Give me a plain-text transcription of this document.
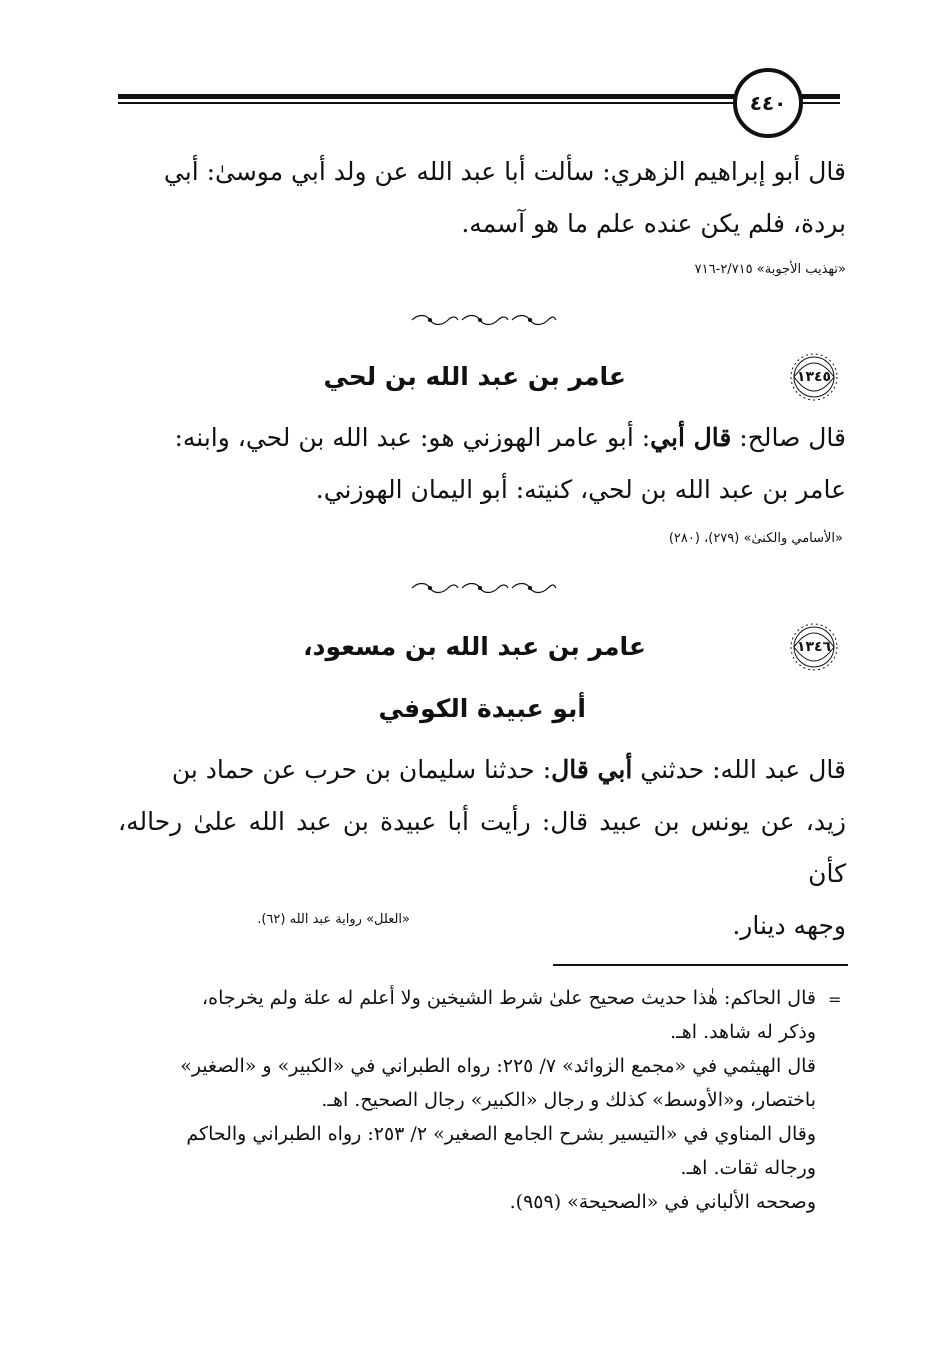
٤٤٠
قال أبو إبراهيم الزهري: سألت أبا عبد الله عن ولد أبي موسىٰ: أبي
بردة، فلم يكن عنده علم ما هو آسمه.
«تهذيب الأجوبة» ٢/٧١٥-٧١٦
١٣٤٥
عامر بن عبد الله بن لحي
قال صالح: قال أبي: أبو عامر الهوزني هو: عبد الله بن لحي، وابنه:
عامر بن عبد الله بن لحي، كنيته: أبو اليمان الهوزني.
«الأسامي والكنىٰ» (٢٧٩)، (٢٨٠)
١٣٤٦
عامر بن عبد الله بن مسعود،
أبو عبيدة الكوفي
قال عبد الله: حدثني أبي قال: حدثنا سليمان بن حرب عن حماد بن
زيد، عن يونس بن عبيد قال: رأيت أبا عبيدة بن عبد الله علىٰ رحاله، كأن
وجهه دينار.
«العلل» رواية عبد الله (٦٢).
=
قال الحاكم: هٰذا حديث صحيح علىٰ شرط الشيخين ولا أعلم له علة ولم يخرجاه،
وذكر له شاهد. اهـ.
قال الهيثمي في «مجمع الزوائد» ٧/ ٢٢٥: رواه الطبراني في «الكبير» و «الصغير»
باختصار، و«الأوسط» كذلك و رجال «الكبير» رجال الصحيح. اهـ.
وقال المناوي في «التيسير بشرح الجامع الصغير» ٢/ ٢٥٣: رواه الطبراني والحاكم
ورجاله ثقات. اهـ.
وصححه الألباني في «الصحيحة» (٩٥٩).
